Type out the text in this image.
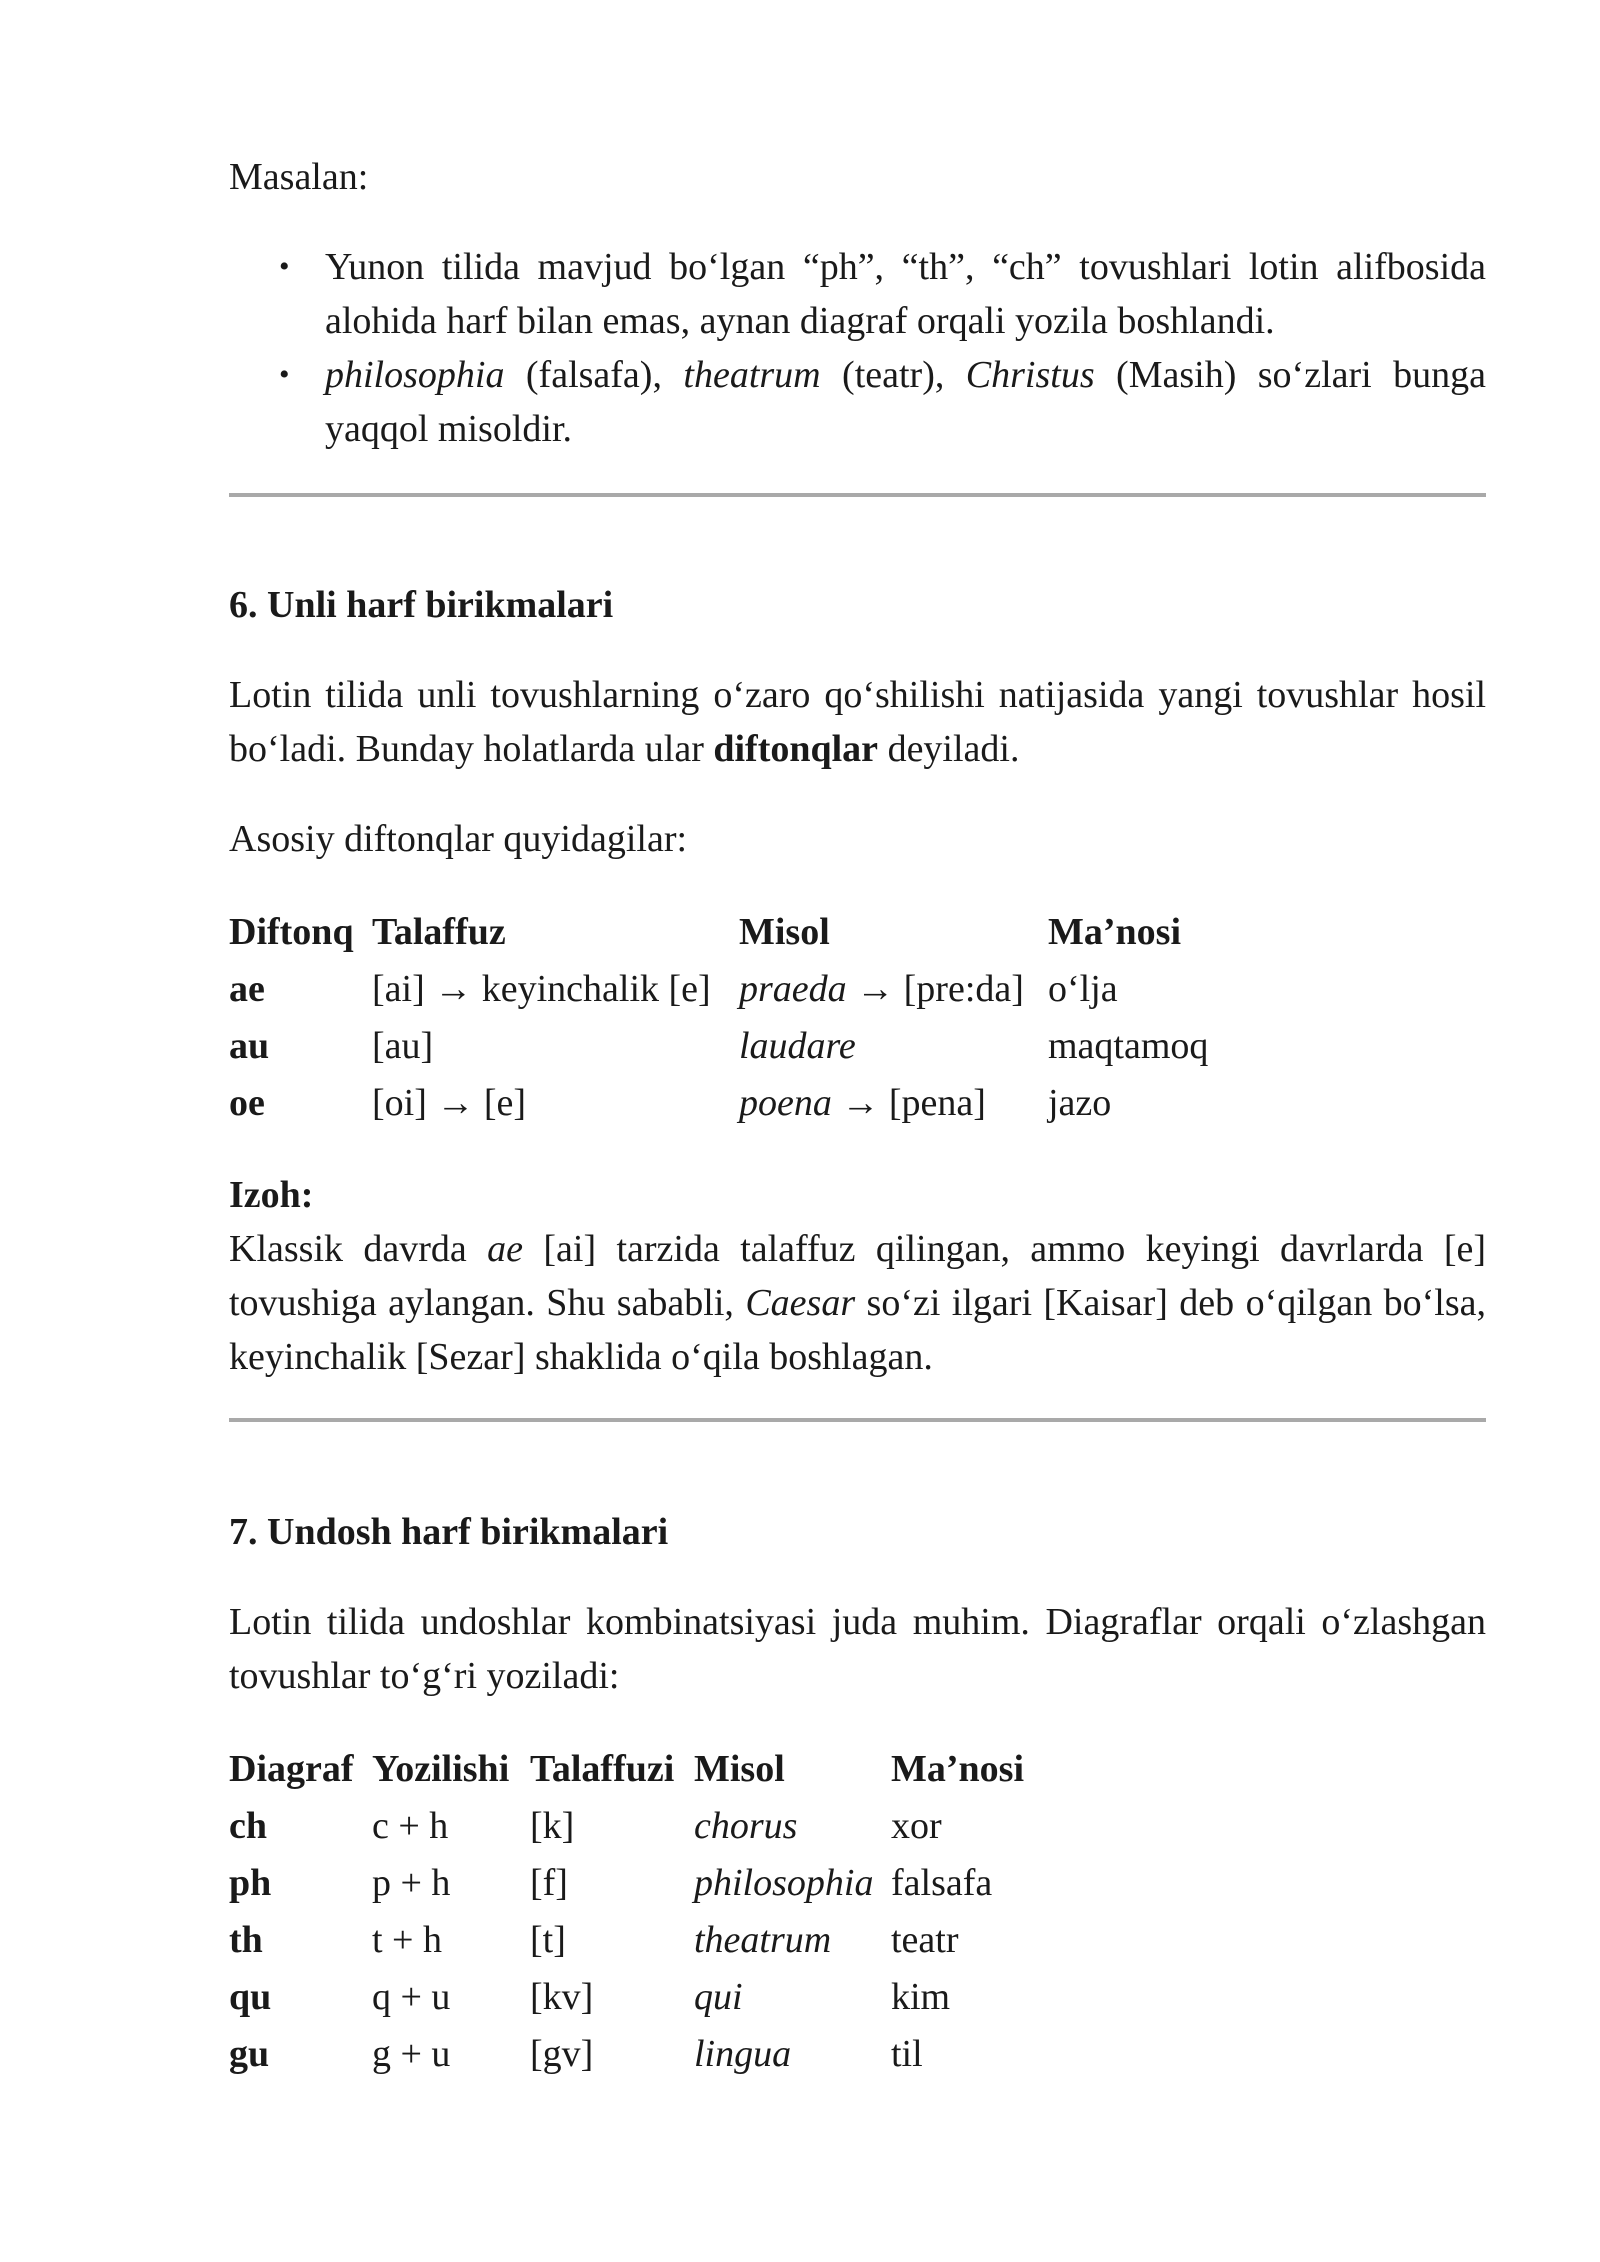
Masalan:

• Yunon tilida mavjud bo‘lgan “ph”, “th”, “ch” tovushlari lotin alifbosida alohida harf bilan emas, aynan diagraf orqali yozila boshlandi.
• philosophia (falsafa), theatrum (teatr), Christus (Masih) so‘zlari bunga yaqqol misoldir.
6. Unli harf birikmalari

Lotin tilida unli tovushlarning o‘zaro qo‘shilishi natijasida yangi tovushlar hosil bo‘ladi. Bunday holatlarda ular diftonqlar deyiladi.

Asosiy diftonqlar quyidagilar:

Diftonq	Talaffuz	Misol	Ma’nosi
ae	[ai] → keyinchalik [e]	praeda → [pre:da]	o‘lja
au	[au]	laudare	maqtamoq
oe	[oi] → [e]	poena → [pena]	jazo

Izoh:

Klassik davrda ae [ai] tarzida talaffuz qilingan, ammo keyingi davrlarda [e] tovushiga aylangan. Shu sababli, Caesar so‘zi ilgari [Kaisar] deb o‘qilgan bo‘lsa, keyinchalik [Sezar] shaklida o‘qila boshlagan.

7. Undosh harf birikmalari

Lotin tilida undoshlar kombinatsiyasi juda muhim. Diagraflar orqali o‘zlashgan tovushlar to‘g‘ri yoziladi:

Diagraf	Yozilishi	Talaffuzi	Misol	Ma’nosi
ch	c + h	[k]	chorus	xor
ph	p + h	[f]	philosophia	falsafa
th	t + h	[t]	theatrum	teatr
qu	q + u	[kv]	qui	kim
gu	g + u	[gv]	lingua	til
